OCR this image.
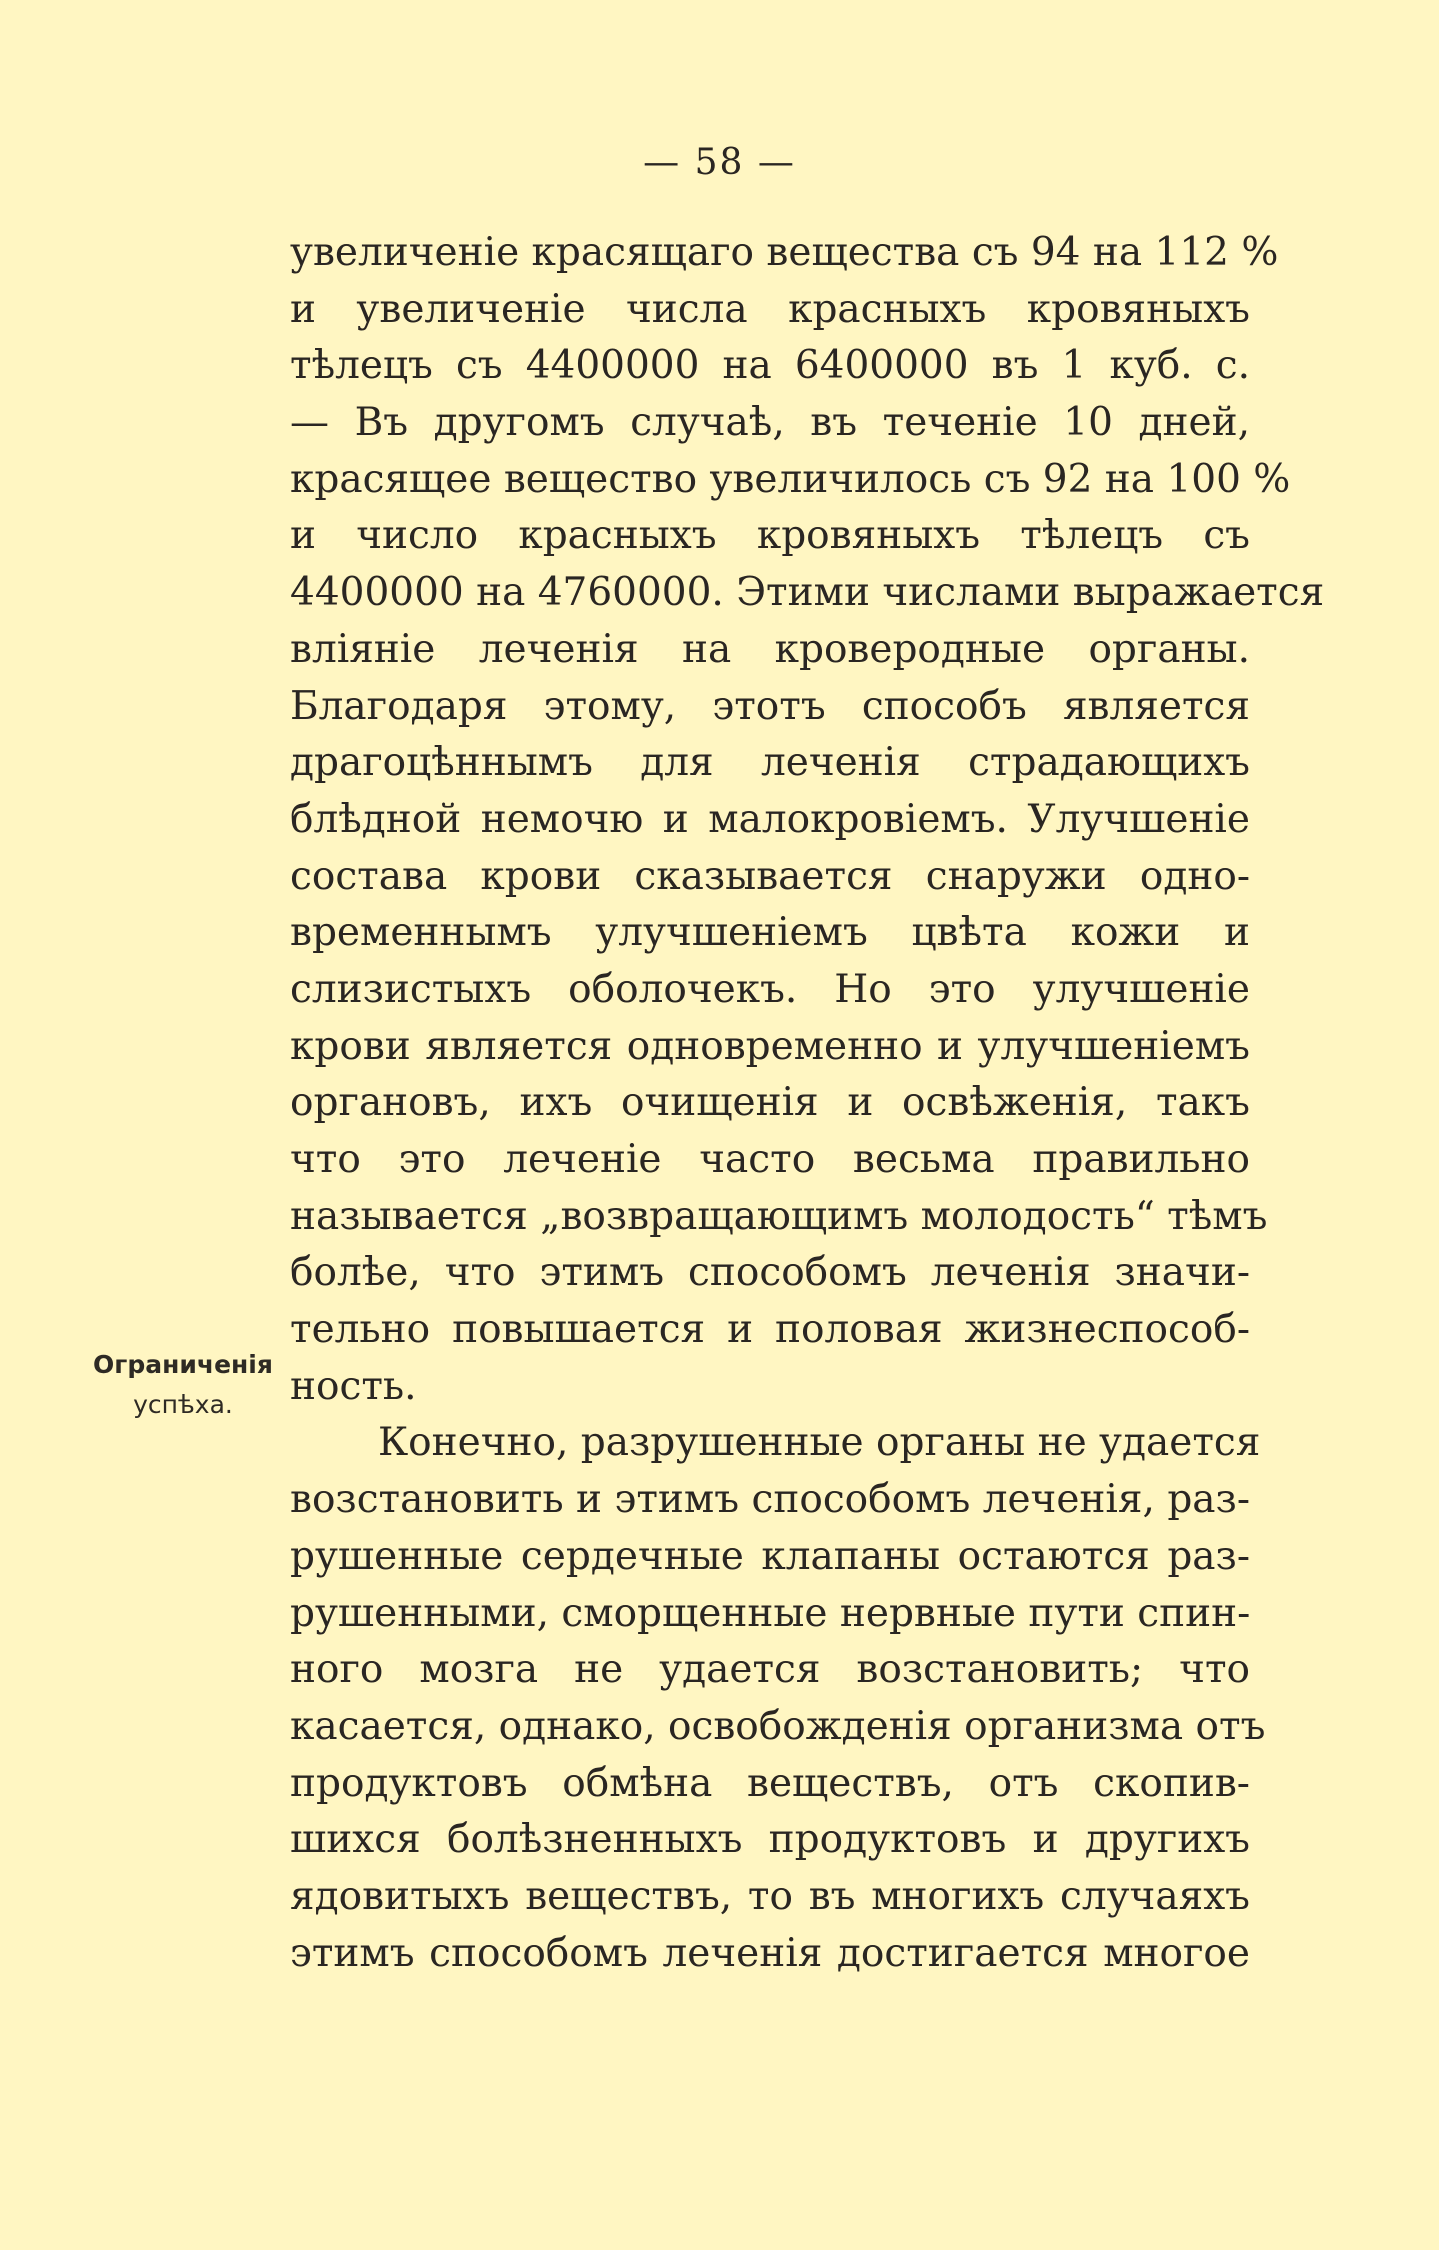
— 58 —
Ограниченія
успѣха.
увеличеніе красящаго вещества съ 94 на 112 %
и увеличеніе числа красныхъ кровяныхъ
тѣлецъ съ 4400000 на 6400000 въ 1 куб. с.
— Въ другомъ случаѣ, въ теченіе 10 дней,
красящее вещество увеличилось съ 92 на 100 %
и число красныхъ кровяныхъ тѣлецъ съ
4400000 на 4760000. Этими числами выражается
вліяніе леченія на кроверодные органы.
Благодаря этому, этотъ способъ является
драгоцѣннымъ для леченія страдающихъ
блѣдной немочю и малокровіемъ. Улучшеніе
состава крови сказывается снаружи одно-
временнымъ улучшеніемъ цвѣта кожи и
слизистыхъ оболочекъ. Но это улучшеніе
крови является одновременно и улучшеніемъ
органовъ, ихъ очищенія и освѣженія, такъ
что это леченіе часто весьма правильно
называется „возвращающимъ молодость“ тѣмъ
болѣе, что этимъ способомъ леченія значи-
тельно повышается и половая жизнеспособ-
ность.
Конечно, разрушенные органы не удается
возстановить и этимъ способомъ леченія, раз-
рушенные сердечные клапаны остаются раз-
рушенными, сморщенные нервные пути спин-
ного мозга не удается возстановить; что
касается, однако, освобожденія организма отъ
продуктовъ обмѣна веществъ, отъ скопив-
шихся болѣзненныхъ продуктовъ и другихъ
ядовитыхъ веществъ, то въ многихъ случаяхъ
этимъ способомъ леченія достигается многое
